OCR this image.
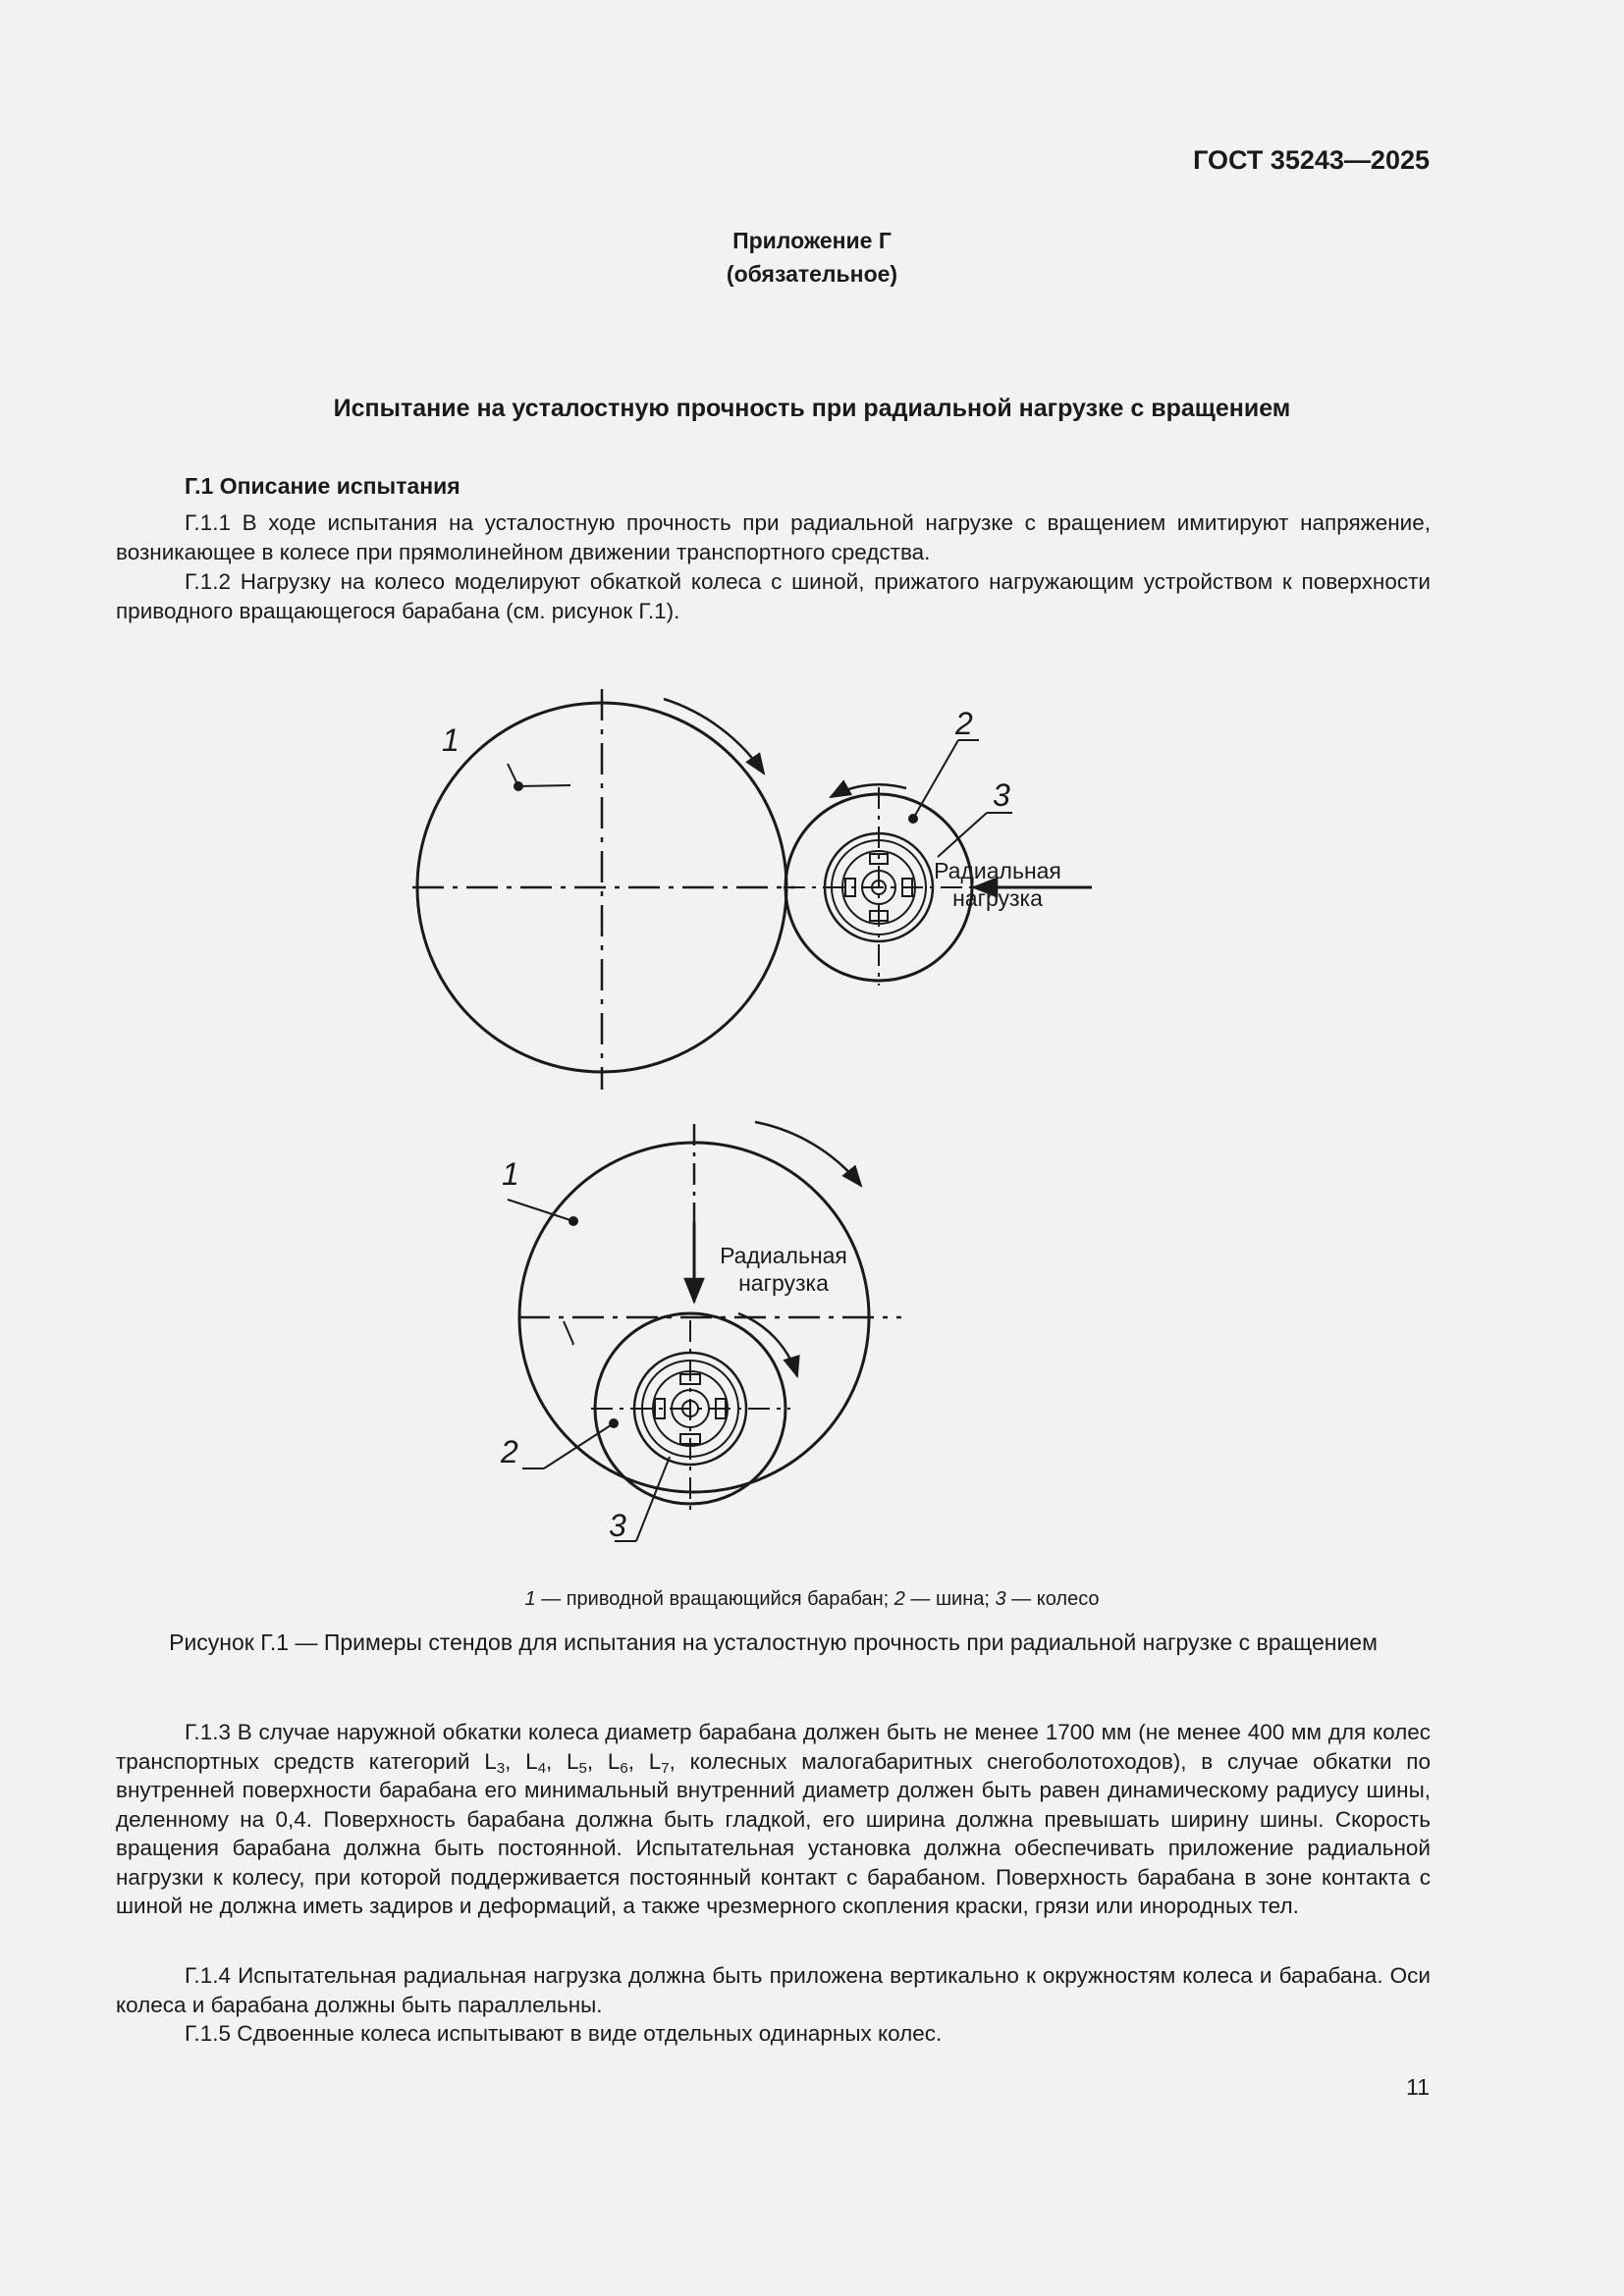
ГОСТ 35243—2025
Приложение Г
(обязательное)
Испытание на усталостную прочность при радиальной нагрузке с вращением
Г.1 Описание испытания

Г.1.1 В ходе испытания на усталостную прочность при радиальной нагрузке с вращением имитируют напряжение, возникающее в колесе при прямолинейном движении транспортного средства.

Г.1.2 Нагрузку на колесо моделируют обкаткой колеса с шиной, прижатого нагружающим устройством к поверхности приводного вращающегося барабана (см. рисунок Г.1).

1	2
3
Радиальная
нагрузка
1
2
3
Радиальная
нагрузка
1 — приводной вращающийся барабан; 2 — шина; 3 — колесо
Рисунок Г.1 — Примеры стендов для испытания на усталостную прочность при радиальной нагрузке с вращением

Г.1.3 В случае наружной обкатки колеса диаметр барабана должен быть не менее 1700 мм (не менее 400 мм для колес транспортных средств категорий $L_3$, $L_4$, $L_5$, $L_6$, $L_7$, колесных малогабаритных снегоболотоходов), в случае обкатки по внутренней поверхности барабана его минимальный внутренний диаметр должен быть равен динамическому радиусу шины, деленному на 0,4. Поверхность барабана должна быть гладкой, его ширина должна превышать ширину шины. Скорость вращения барабана должна быть постоянной. Испытательная установка должна обеспечивать приложение радиальной нагрузки к колесу, при которой поддерживается постоянный контакт с барабаном. Поверхность барабана в зоне контакта с шиной не должна иметь задиров и деформаций, а также чрезмерного скопления краски, грязи или инородных тел.

Г.1.4 Испытательная радиальная нагрузка должна быть приложена вертикально к окружностям колеса и барабана. Оси колеса и барабана должны быть параллельны.

Г.1.5 Сдвоенные колеса испытывают в виде отдельных одинарных колес.

11
